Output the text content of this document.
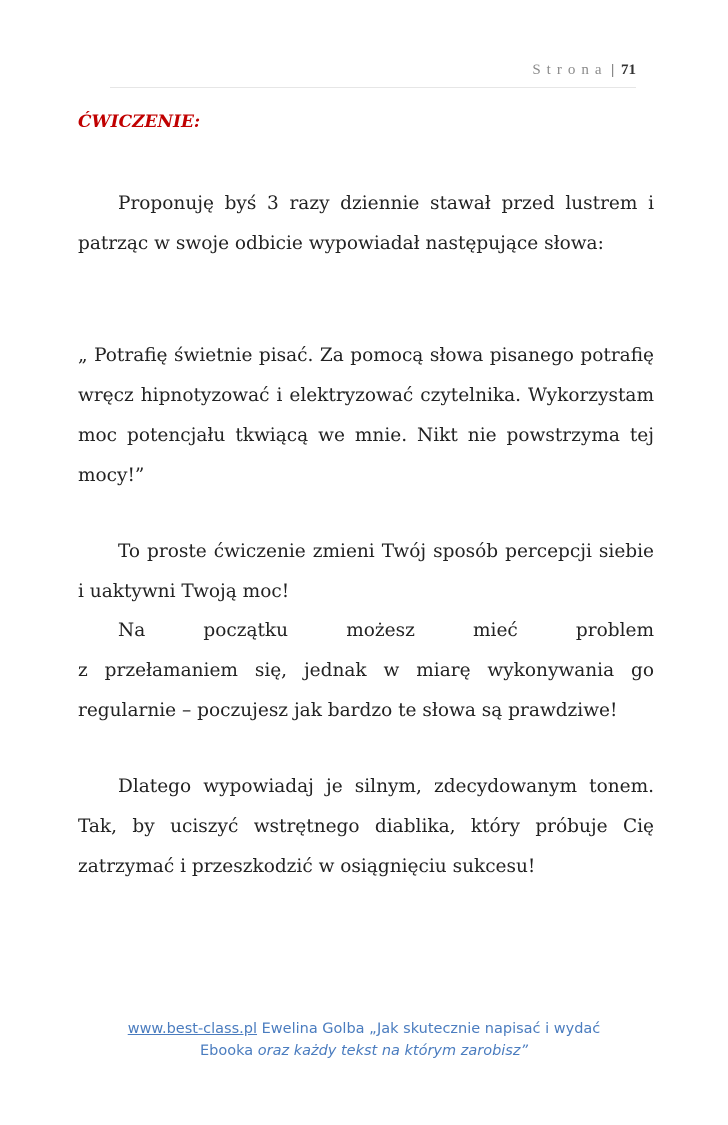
Strona | 71
ĆWICZENIE:

Proponuję byś 3 razy dziennie stawał przed lustrem i patrząc w swoje odbicie wypowiadał następujące słowa:

„ Potrafię świetnie pisać. Za pomocą słowa pisanego potrafię wręcz hipnotyzować i elektryzować czytelnika. Wykorzystam moc potencjału tkwiącą we mnie. Nikt nie powstrzyma tej mocy!”

To proste ćwiczenie zmieni Twój sposób percepcji siebie i uaktywni Twoją moc!

Na początku możesz mieć problem

z przełamaniem się, jednak w miarę wykonywania go regularnie – poczujesz jak bardzo te słowa są prawdziwe!

Dlatego wypowiadaj je silnym, zdecydowanym tonem. Tak, by uciszyć wstrętnego diablika, który próbuje Cię zatrzymać i przeszkodzić w osiągnięciu sukcesu!

www.best-class.pl Ewelina Golba „Jak skutecznie napisać i wydać Ebooka oraz każdy tekst na którym zarobisz”
